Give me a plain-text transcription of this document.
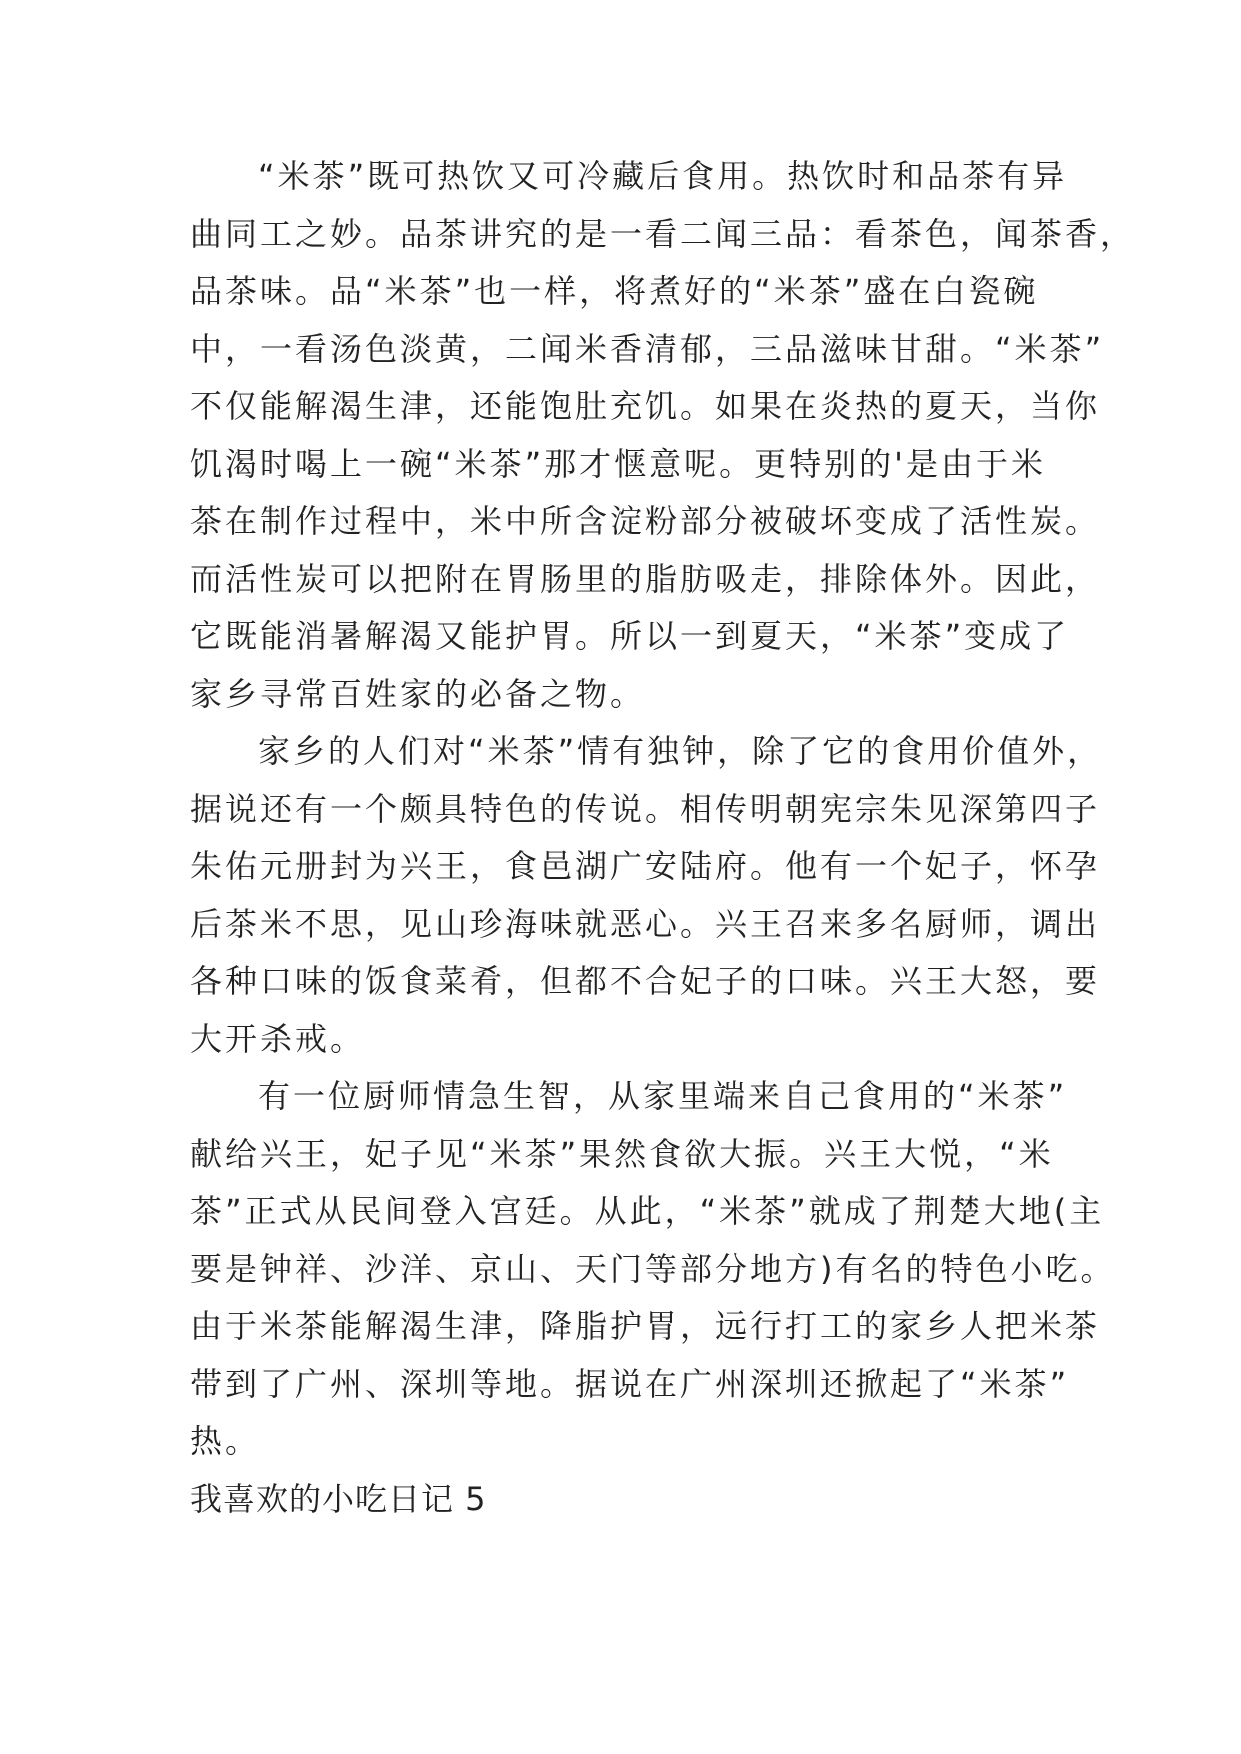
“米茶”既可热饮又可冷藏后食用。热饮时和品茶有异
曲同工之妙。品茶讲究的是一看二闻三品：看茶色，闻茶香，
品茶味。品“米茶”也一样，将煮好的“米茶”盛在白瓷碗
中，一看汤色淡黄，二闻米香清郁，三品滋味甘甜。“米茶”
不仅能解渴生津，还能饱肚充饥。如果在炎热的夏天，当你
饥渴时喝上一碗“米茶”那才惬意呢。更特别的'是由于米
茶在制作过程中，米中所含淀粉部分被破坏变成了活性炭。
而活性炭可以把附在胃肠里的脂肪吸走，排除体外。因此，
它既能消暑解渴又能护胃。所以一到夏天，“米茶”变成了
家乡寻常百姓家的必备之物。
家乡的人们对“米茶”情有独钟，除了它的食用价值外，
据说还有一个颇具特色的传说。相传明朝宪宗朱见深第四子
朱佑元册封为兴王，食邑湖广安陆府。他有一个妃子，怀孕
后茶米不思，见山珍海味就恶心。兴王召来多名厨师，调出
各种口味的饭食菜肴，但都不合妃子的口味。兴王大怒，要
大开杀戒。
有一位厨师情急生智，从家里端来自己食用的“米茶”
献给兴王，妃子见“米茶”果然食欲大振。兴王大悦，“米
茶”正式从民间登入宫廷。从此，“米茶”就成了荆楚大地(主
要是钟祥、沙洋、京山、天门等部分地方)有名的特色小吃。
由于米茶能解渴生津，降脂护胃，远行打工的家乡人把米茶
带到了广州、深圳等地。据说在广州深圳还掀起了“米茶”
热。
我喜欢的小吃日记 5
